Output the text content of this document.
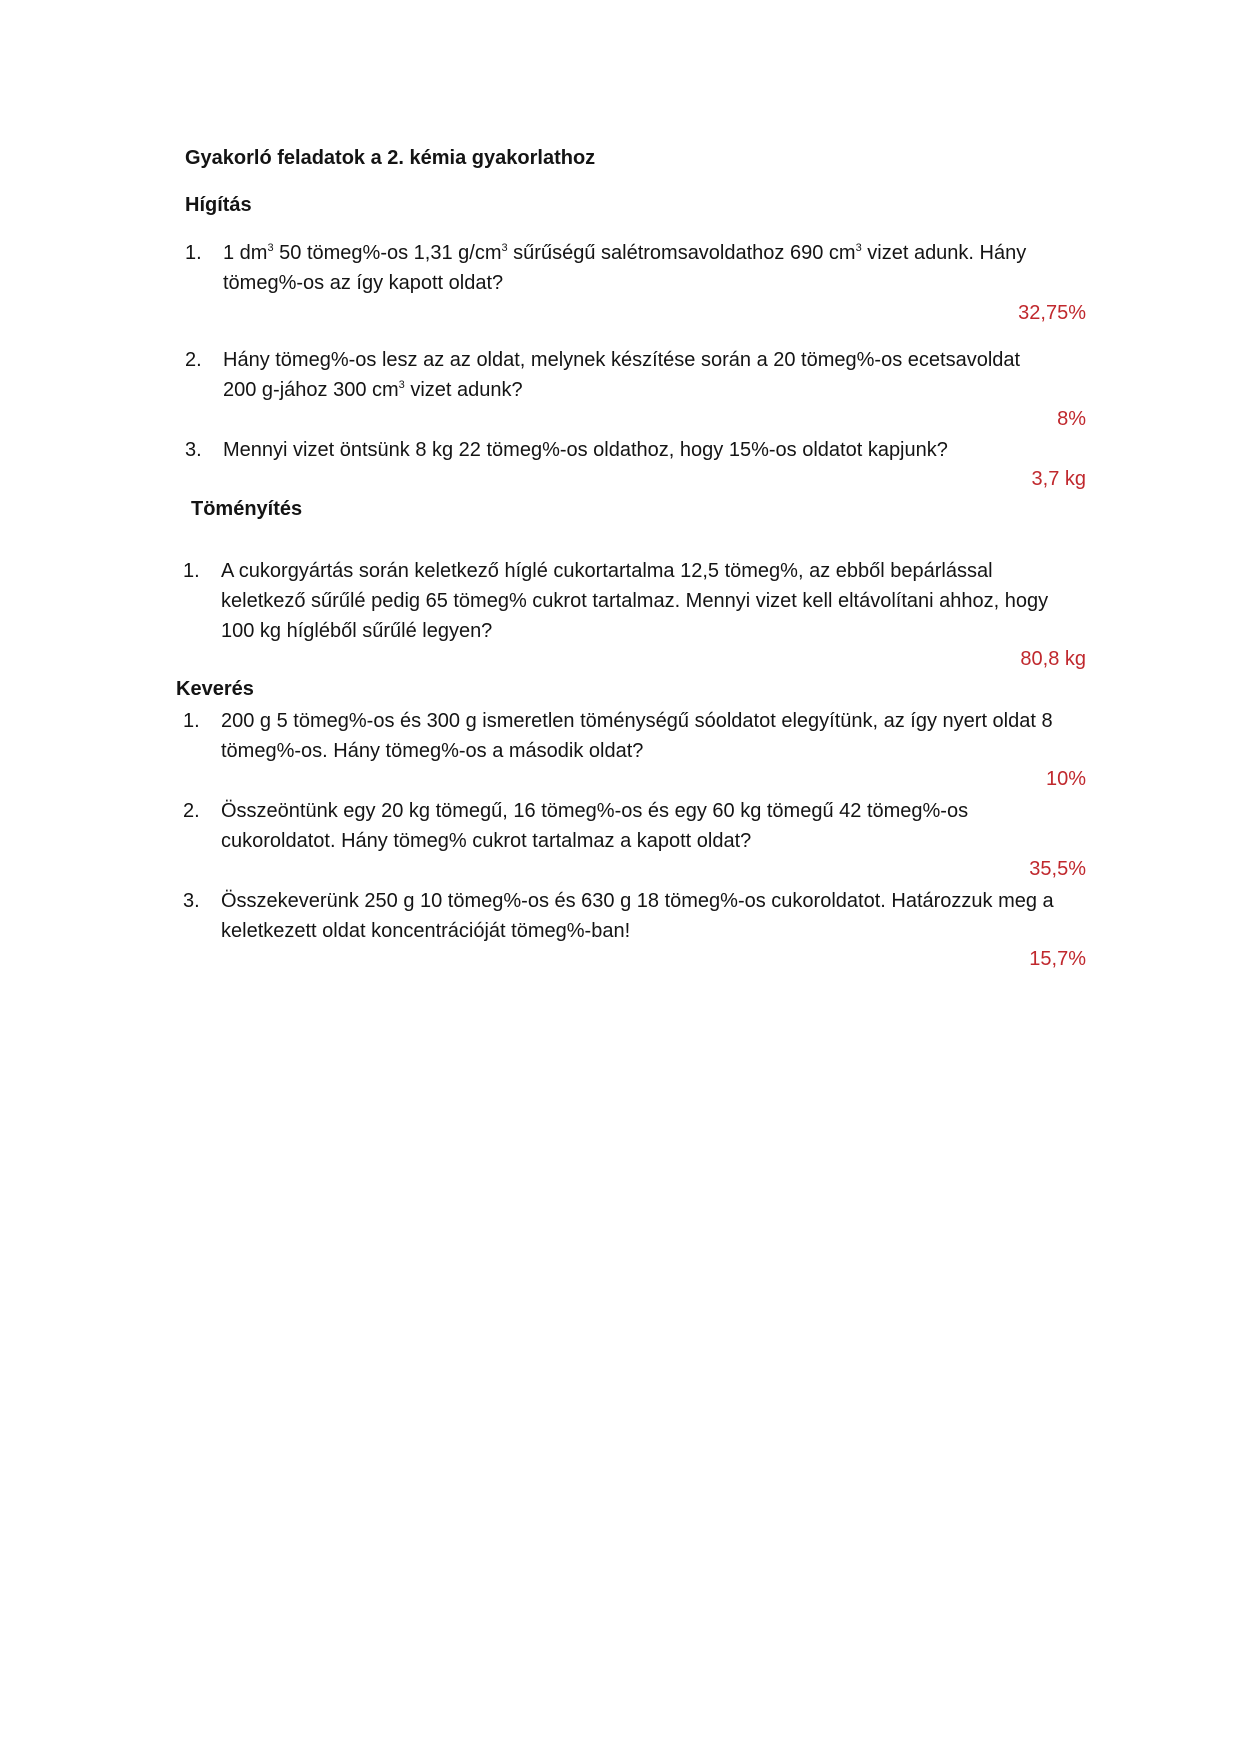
Gyakorló feladatok a 2. kémia gyakorlathoz
Hígítás
1. 1 $dm^3$ 50 tömeg%-os 1,31 $g/cm^3$ sűrűségű salétromsavoldathoz 690 $cm^3$ vizet adunk. Hány
tömeg%-os az így kapott oldat?
32,75%
2. Hány tömeg%-os lesz az az oldat, melynek készítése során a 20 tömeg%-os ecetsavoldat
200 g-jához 300 $cm^3$ vizet adunk?
8%
3. Mennyi vizet öntsünk 8 kg 22 tömeg%-os oldathoz, hogy 15%-os oldatot kapjunk?
3,7 kg
Töményítés
1. A cukorgyártás során keletkező híglé cukortartalma 12,5 tömeg%, az ebből bepárlással keletkező sűrűlé pedig 65 tömeg% cukrot tartalmaz. Mennyi vizet kell eltávolítani ahhoz, hogy 100 kg hígléből sűrűlé legyen?
80,8 kg
Keverés
1. 200 g 5 tömeg%-os és 300 g ismeretlen töménységű sóoldatot elegyítünk, az így nyert oldat 8 tömeg%-os. Hány tömeg%-os a második oldat?
10%
2. Összeöntünk egy 20 kg tömegű, 16 tömeg%-os és egy 60 kg tömegű 42 tömeg%-os cukoroldatot. Hány tömeg% cukrot tartalmaz a kapott oldat?
35,5%
3. Összekeverünk 250 g 10 tömeg%-os és 630 g 18 tömeg%-os cukoroldatot. Határozzuk meg a keletkezett oldat koncentrációját tömeg%-ban!
15,7%
